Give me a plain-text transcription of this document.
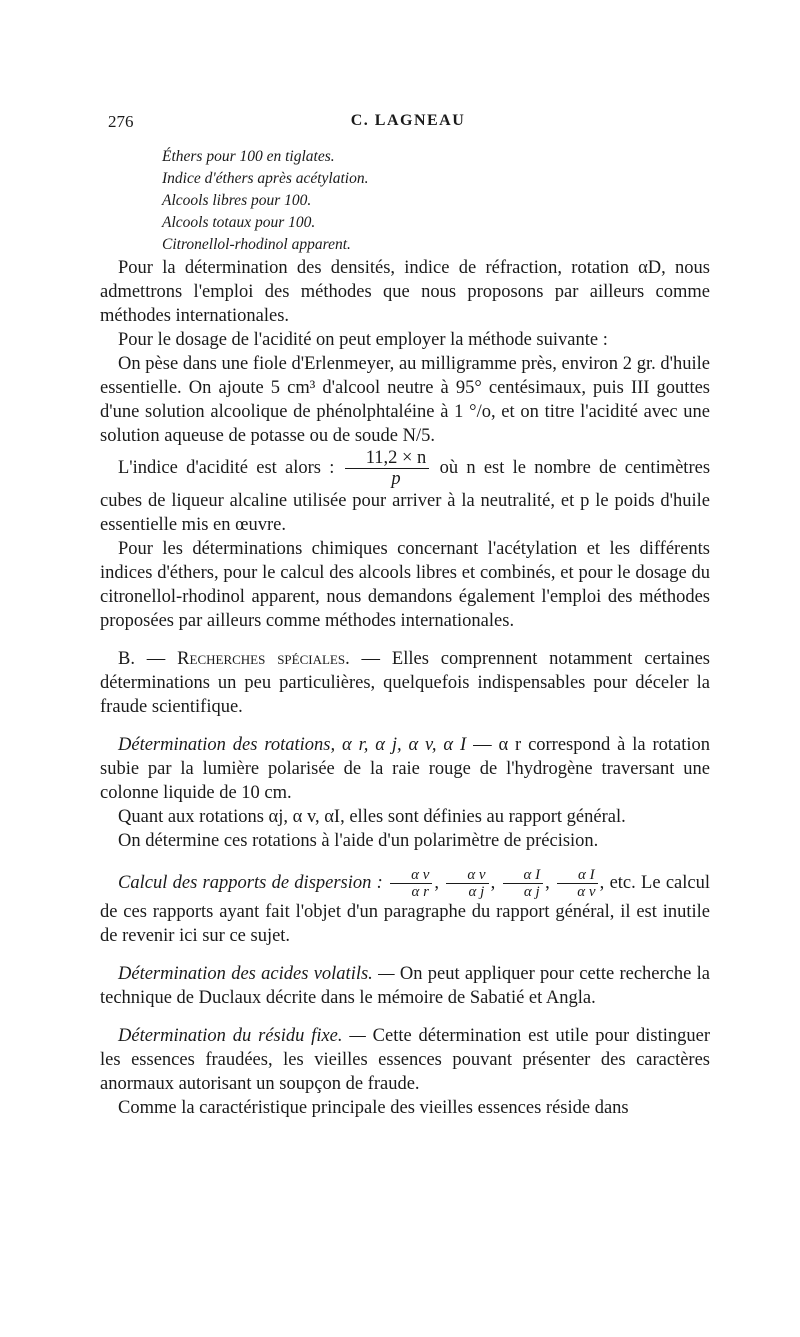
276	C. LAGNEAU
Éthers pour 100 en tiglates.
Indice d'éthers après acétylation.
Alcools libres pour 100.
Alcools totaux pour 100.
Citronellol-rhodinol apparent.

Pour la détermination des densités, indice de réfraction, rotation αD, nous admettrons l'emploi des méthodes que nous proposons par ailleurs comme méthodes internationales.

Pour le dosage de l'acidité on peut employer la méthode suivante :

On pèse dans une fiole d'Erlenmeyer, au milligramme près, environ 2 gr. d'huile essentielle. On ajoute 5 cm³ d'alcool neutre à 95° centésimaux, puis III gouttes d'une solution alcoolique de phénolphtaléine à 1 °/o, et on titre l'acidité avec une solution aqueuse de potasse ou de soude N/5.

L'indice d'acidité est alors : $\frac{11,2 \times n}{p}$ où n est le nombre de centimètres cubes de liqueur alcaline utilisée pour arriver à la neutralité, et p le poids d'huile essentielle mis en œuvre.

Pour les déterminations chimiques concernant l'acétylation et les différents indices d'éthers, pour le calcul des alcools libres et combinés, et pour le dosage du citronellol-rhodinol apparent, nous demandons également l'emploi des méthodes proposées par ailleurs comme méthodes internationales.

B. — Recherches spéciales. — Elles comprennent notamment certaines déterminations un peu particulières, quelquefois indispensables pour déceler la fraude scientifique.

Détermination des rotations, α r, α j, α v, α I — α r correspond à la rotation subie par la lumière polarisée de la raie rouge de l'hydrogène traversant une colonne liquide de 10 cm.

Quant aux rotations αj, α v, αI, elles sont définies au rapport général.

On détermine ces rotations à l'aide d'un polarimètre de précision.

Calcul des rapports de dispersion : $\frac{\text{α v}}{\text{α r}}$ , $\frac{\text{α v}}{\text{α j}}$ , $\frac{\text{α I}}{\text{α j}}$ , $\frac{\text{α I}}{\text{α v}}$ , etc. Le calcul de ces rapports ayant fait l'objet d'un paragraphe du rapport général, il est inutile de revenir ici sur ce sujet.

Détermination des acides volatils. — On peut appliquer pour cette recherche la technique de Duclaux décrite dans le mémoire de Sabatié et Angla.

Détermination du résidu fixe. — Cette détermination est utile pour distinguer les essences fraudées, les vieilles essences pouvant présenter des caractères anormaux autorisant un soupçon de fraude.

Comme la caractéristique principale des vieilles essences réside dans
